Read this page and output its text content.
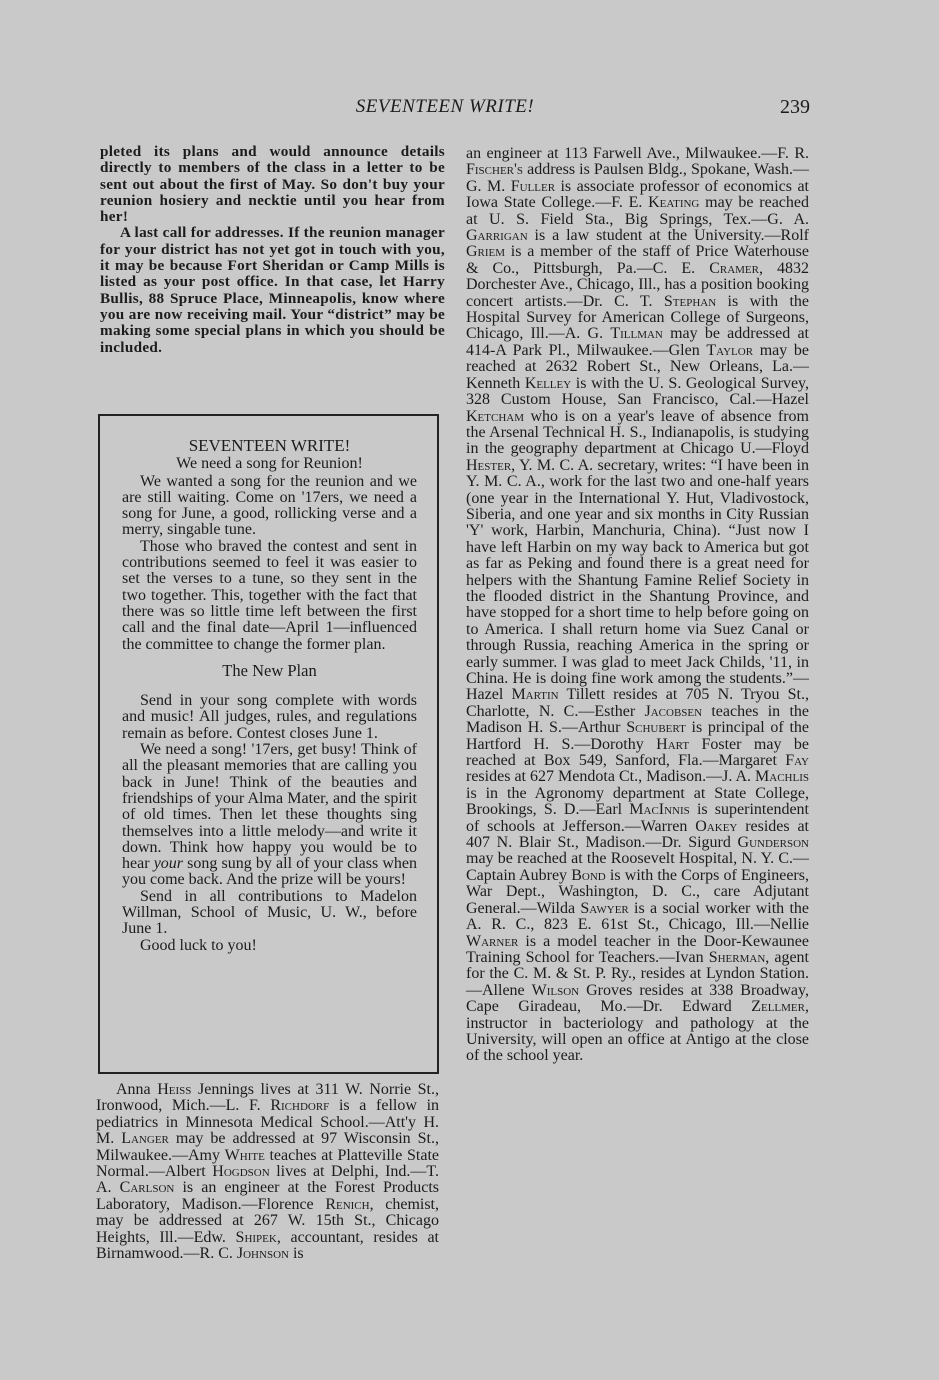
SEVENTEEN WRITE!	239

pleted its plans and would announce details directly to members of the class in a letter to be sent out about the first of May. So don't buy your reunion hosiery and necktie until you hear from her!

A last call for addresses. If the reunion manager for your district has not yet got in touch with you, it may be because Fort Sheridan or Camp Mills is listed as your post office. In that case, let Harry Bullis, 88 Spruce Place, Minneapolis, know where you are now receiving mail. Your “district” may be making some special plans in which you should be included.

SEVENTEEN WRITE!

We need a song for Reunion!

We wanted a song for the reunion and we are still waiting. Come on '17ers, we need a song for June, a good, rollicking verse and a merry, singable tune.

Those who braved the contest and sent in contributions seemed to feel it was easier to set the verses to a tune, so they sent in the two together. This, together with the fact that there was so little time left between the first call and the final date—April 1—influenced the committee to change the former plan.

The New Plan

Send in your song complete with words and music! All judges, rules, and regulations remain as before. Contest closes June 1.

We need a song! '17ers, get busy! Think of all the pleasant memories that are calling you back in June! Think of the beauties and friendships of your Alma Mater, and the spirit of old times. Then let these thoughts sing themselves into a little melody—and write it down. Think how happy you would be to hear your song sung by all of your class when you come back. And the prize will be yours!

Send in all contributions to Madelon Willman, School of Music, U. W., before June 1.

Good luck to you!

Anna Heiss Jennings lives at 311 W. Norrie St., Ironwood, Mich.—L. F. Richdorf is a fellow in pediatrics in Minnesota Medical School.—Att'y H. M. Langer may be addressed at 97 Wisconsin St., Milwaukee.—Amy White teaches at Platteville State Normal.—Albert Hogdson lives at Delphi, Ind.—T. A. Carlson is an engineer at the Forest Products Laboratory, Madison.—Florence Renich, chemist, may be addressed at 267 W. 15th St., Chicago Heights, Ill.—Edw. Shipek, accountant, resides at Birnamwood.—R. C. Johnson is

an engineer at 113 Farwell Ave., Milwaukee.—F. R. Fischer's address is Paulsen Bldg., Spokane, Wash.—G. M. Fuller is associate professor of economics at Iowa State College.—F. E. Keating may be reached at U. S. Field Sta., Big Springs, Tex.—G. A. Garrigan is a law student at the University.—Rolf Griem is a member of the staff of Price Waterhouse & Co., Pittsburgh, Pa.—C. E. Cramer, 4832 Dorchester Ave., Chicago, Ill., has a position booking concert artists.—Dr. C. T. Stephan is with the Hospital Survey for American College of Surgeons, Chicago, Ill.—A. G. Tillman may be addressed at 414-A Park Pl., Milwaukee.—Glen Taylor may be reached at 2632 Robert St., New Orleans, La.—Kenneth Kelley is with the U. S. Geological Survey, 328 Custom House, San Francisco, Cal.—Hazel Ketcham who is on a year's leave of absence from the Arsenal Technical H. S., Indianapolis, is studying in the geography department at Chicago U.—Floyd Hester, Y. M. C. A. secretary, writes: “I have been in Y. M. C. A., work for the last two and one-half years (one year in the International Y. Hut, Vladivostock, Siberia, and one year and six months in City Russian 'Y' work, Harbin, Manchuria, China). “Just now I have left Harbin on my way back to America but got as far as Peking and found there is a great need for helpers with the Shantung Famine Relief Society in the flooded district in the Shantung Province, and have stopped for a short time to help before going on to America. I shall return home via Suez Canal or through Russia, reaching America in the spring or early summer. I was glad to meet Jack Childs, '11, in China. He is doing fine work among the students.”—Hazel Martin Tillett resides at 705 N. Tryou St., Charlotte, N. C.—Esther Jacobsen teaches in the Madison H. S.—Arthur Schubert is principal of the Hartford H. S.—Dorothy Hart Foster may be reached at Box 549, Sanford, Fla.—Margaret Fay resides at 627 Mendota Ct., Madison.—J. A. Machlis is in the Agronomy department at State College, Brookings, S. D.—Earl MacInnis is superintendent of schools at Jefferson.—Warren Oakey resides at 407 N. Blair St., Madison.—Dr. Sigurd Gunderson may be reached at the Roosevelt Hospital, N. Y. C.—Captain Aubrey Bond is with the Corps of Engineers, War Dept., Washington, D. C., care Adjutant General.—Wilda Sawyer is a social worker with the A. R. C., 823 E. 61st St., Chicago, Ill.—Nellie Warner is a model teacher in the Door-Kewaunee Training School for Teachers.—Ivan Sherman, agent for the C. M. & St. P. Ry., resides at Lyndon Station.—Allene Wilson Groves resides at 338 Broadway, Cape Giradeau, Mo.—Dr. Edward Zellmer, instructor in bacteriology and pathology at the University, will open an office at Antigo at the close of the school year.
